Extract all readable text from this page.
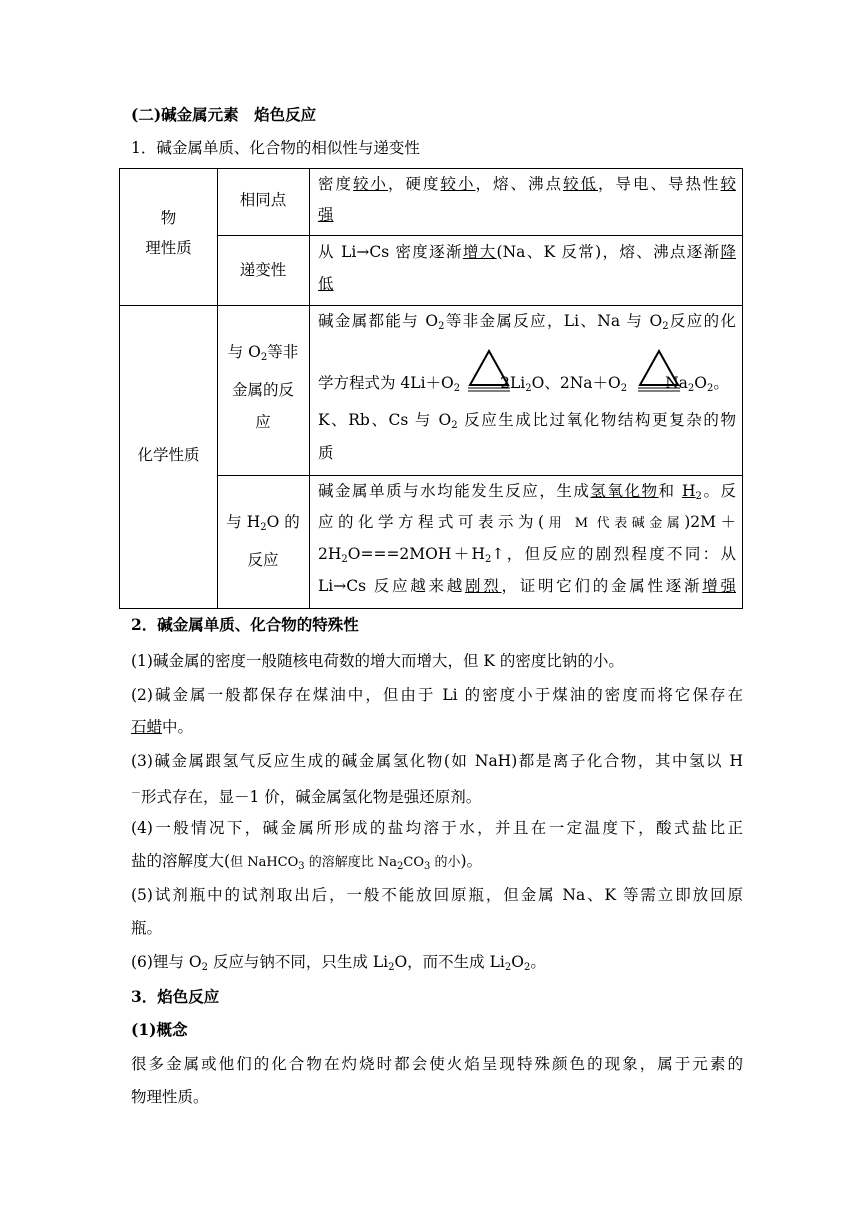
(二)碱金属元素　焰色反应
1．碱金属单质、化合物的相似性与递变性
物
理性质
相同点
密度较小，硬度较小，熔、沸点较低，导电、导热性较
强
递变性
从 Li→Cs 密度逐渐增大(Na、K 反常)，熔、沸点逐渐降
低
化学性质
与 $O_2$等非
金属的反
应
碱金属都能与 $O_2$等非金属反应，Li、Na 与 $O_2$反应的化
学方程式为 $4Li+O_2$	$2Li_2O$、$2Na+O_2$ $Na_2O_2$。
K、Rb、Cs 与 $O_2$ 反应生成比过氧化物结构更复杂的物
质
与 $H_2O$ 的
反应
碱金属单质与水均能发生反应，生成氢氧化物和 $H_2$。反
应的化学方程式可表示为(用 M 代表碱金属)2M＋
$2H_2O===2MOH+H_2↑$，但反应的剧烈程度不同：从
Li→Cs 反应越来越剧烈，证明它们的金属性逐渐增强
2．碱金属单质、化合物的特殊性
(1)碱金属的密度一般随核电荷数的增大而增大，但 K 的密度比钠的小。
(2)碱金属一般都保存在煤油中，但由于 Li 的密度小于煤油的密度而将它保存在
石蜡中。
(3)碱金属跟氢气反应生成的碱金属氢化物(如 NaH)都是离子化合物，其中氢以 H
－形式存在，显－1 价，碱金属氢化物是强还原剂。
(4)一般情况下，碱金属所形成的盐均溶于水，并且在一定温度下，酸式盐比正
盐的溶解度大(但 NaHCO$_3$ 的溶解度比 $Na_2CO_3$ 的小)。
(5)试剂瓶中的试剂取出后，一般不能放回原瓶，但金属 Na、K 等需立即放回原
瓶。
(6)锂与 $O_2$ 反应与钠不同，只生成 $Li_2O$，而不生成 $Li_2O_2$。
3．焰色反应
(1)概念
很多金属或他们的化合物在灼烧时都会使火焰呈现特殊颜色的现象，属于元素的
物理性质。
